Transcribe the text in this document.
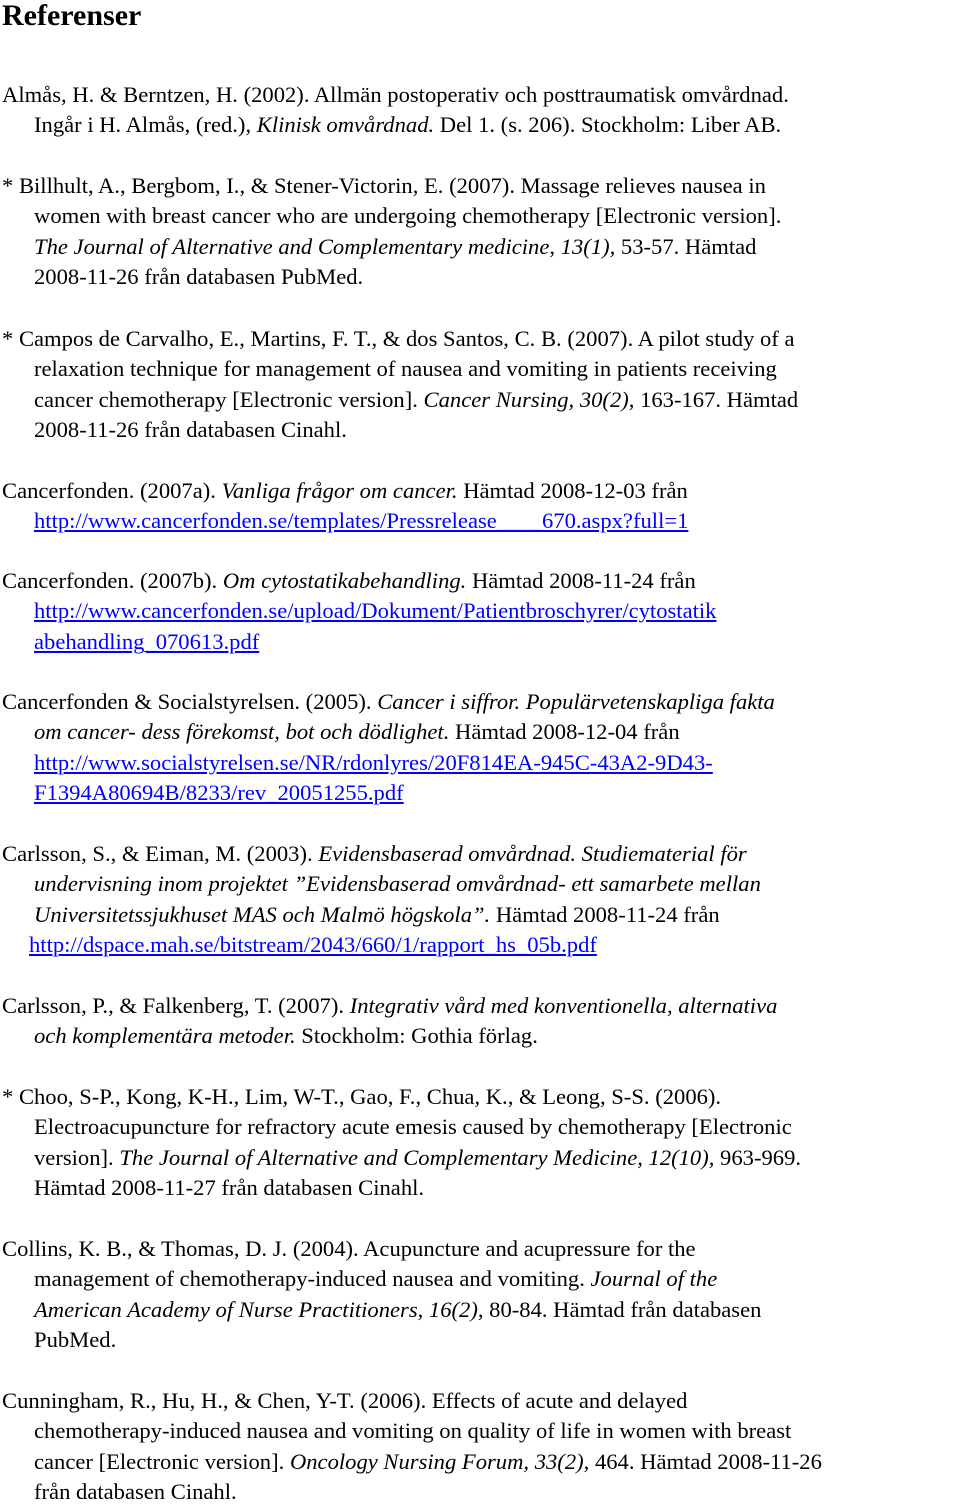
Referenser
Almås, H. & Berntzen, H. (2002). Allmän postoperativ och posttraumatisk omvårdnad.
Ingår i H. Almås, (red.), Klinisk omvårdnad. Del 1. (s. 206). Stockholm: Liber AB.
* Billhult, A., Bergbom, I., & Stener-Victorin, E. (2007). Massage relieves nausea in
women with breast cancer who are undergoing chemotherapy [Electronic version].
The Journal of Alternative and Complementary medicine, 13(1), 53-57. Hämtad
2008-11-26 från databasen PubMed.
* Campos de Carvalho, E., Martins, F. T., & dos Santos, C. B. (2007). A pilot study of a
relaxation technique for management of nausea and vomiting in patients receiving
cancer chemotherapy [Electronic version]. Cancer Nursing, 30(2), 163-167. Hämtad
2008-11-26 från databasen Cinahl.
Cancerfonden. (2007a). Vanliga frågor om cancer. Hämtad 2008-12-03 från
http://www.cancerfonden.se/templates/Pressrelease____670.aspx?full=1
Cancerfonden. (2007b). Om cytostatikabehandling. Hämtad 2008-11-24 från
http://www.cancerfonden.se/upload/Dokument/Patientbroschyrer/cytostatik
abehandling_070613.pdf
Cancerfonden & Socialstyrelsen. (2005). Cancer i siffror. Populärvetenskapliga fakta
om cancer- dess förekomst, bot och dödlighet. Hämtad 2008-12-04 från
http://www.socialstyrelsen.se/NR/rdonlyres/20F814EA-945C-43A2-9D43-
F1394A80694B/8233/rev_20051255.pdf
Carlsson, S., & Eiman, M. (2003). Evidensbaserad omvårdnad. Studiematerial för
undervisning inom projektet ”Evidensbaserad omvårdnad- ett samarbete mellan
Universitetssjukhuset MAS och Malmö högskola”. Hämtad 2008-11-24 från
http://dspace.mah.se/bitstream/2043/660/1/rapport_hs_05b.pdf
Carlsson, P., & Falkenberg, T. (2007). Integrativ vård med konventionella, alternativa
och komplementära metoder. Stockholm: Gothia förlag.
* Choo, S-P., Kong, K-H., Lim, W-T., Gao, F., Chua, K., & Leong, S-S. (2006).
Electroacupuncture for refractory acute emesis caused by chemotherapy [Electronic
version]. The Journal of Alternative and Complementary Medicine, 12(10), 963-969.
Hämtad 2008-11-27 från databasen Cinahl.
Collins, K. B., & Thomas, D. J. (2004). Acupuncture and acupressure for the
management of chemotherapy-induced nausea and vomiting. Journal of the
American Academy of Nurse Practitioners, 16(2), 80-84. Hämtad från databasen
PubMed.
Cunningham, R., Hu, H., & Chen, Y-T. (2006). Effects of acute and delayed
chemotherapy-induced nausea and vomiting on quality of life in women with breast
cancer [Electronic version]. Oncology Nursing Forum, 33(2), 464. Hämtad 2008-11-26
från databasen Cinahl.
